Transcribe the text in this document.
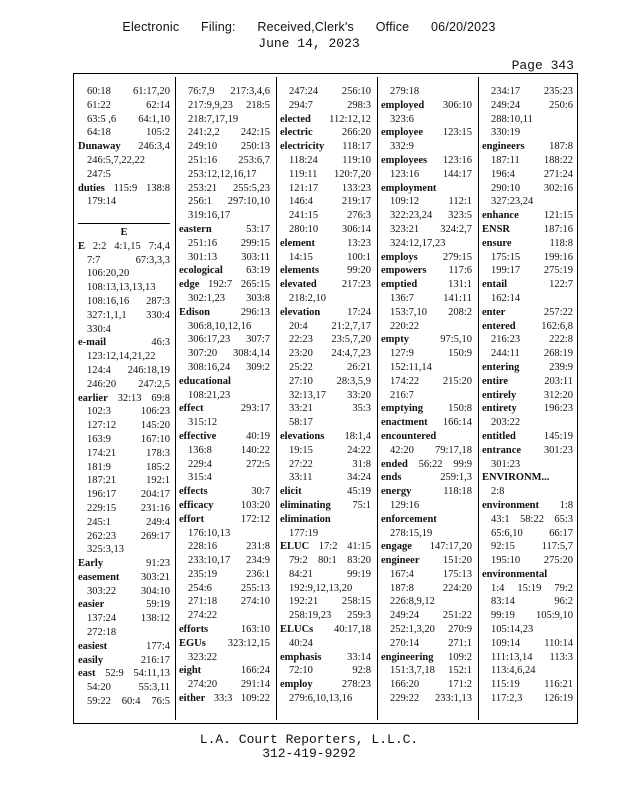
Electronic Filing: Received,Clerk's Office 06/20/2023
June 14, 2023
Page 343
60:18 61:17,20
61:22	62:14
63:5 ,6 64:1,10
64:18	105:2
Dunaway 246:3,4
246:5,7,22,22
247:5
duties 115:9 138:8
179:14
E
E 2:2 4:1,15 7:4,4
7:7	67:3,3,3
106:20,20
108:13,13,13,13
108:16,16 287:3
327:1,1,1 330:4
330:4
e-mail	46:3
123:12,14,21,22
124:4 246:18,19
246:20 247:2,5
earlier 32:13 69:8
102:3	106:23
127:12 145:20
163:9	167:10
174:21	178:3
181:9	185:2
187:21	192:1
196:17 204:17
229:15 231:16
245:1	249:4
262:23 269:17
325:3,13
Early	91:23
easement 303:21
303:22 304:10
easier	59:19
137:24 138:12
272:18
easiest	177:4
easily	216:17
east 52:9 54:11,13
54:20	55:3,11
59:22 60:4 76:5
76:7,9 217:3,4,6
217:9,9,23 218:5
218:7,17,19
241:2,2 242:15
249:10 250:13
251:16 253:6,7
253:12,12,16,17
253:21 255:5,23
256:1 297:10,10
319:16,17
eastern	53:17
251:16 299:15
301:13 303:11
ecological 63:19
edge 192:7 265:15
302:1,23 303:8
Edison	296:13
306:8,10,12,16
306:17,23 307:7
307:20 308:4,14
308:16,24 309:2
educational
108:21,23
effect	293:17
315:12
effective	40:19
136:8	140:22
229:4	272:5
315:4
effects	30:7
efficacy	103:20
effort	172:12
176:10,13
228:16	231:8
233:10,17 234:9
235:19	236:1
254:6	255:13
271:18 274:10
274:22
efforts	163:10
EGUs 323:12,15
323:22
eight	166:24
274:20 291:14
either 33:3 109:22
247:24 256:10
294:7	298:3
elected 112:12,12
electric	266:20
electricity 118:17
118:24 119:10
119:11 120:7,20
121:17 133:23
146:4	219:17
241:15	276:3
280:10 306:14
element	13:23
14:15	100:1
elements	99:20
elevated 217:23
218:2,10
elevation	17:24
20:4 21:2,7,17
22:23 23:5,7,20
23:20 24:4,7,23
25:22	26:21
27:10 28:3,5,9
32:13,17 33:20
33:21	35:3
58:17
elevations 18:1,4
19:15	24:22
27:22	31:8
33:11	34:24
elicit	45:19
eliminating 75:1
elimination
177:19
ELUC 17:2 41:15
79:2 80:1 83:20
84:21	99:19
192:9,12,13,20
192:21 258:15
258:19,23 259:3
ELUCs 40:17,18
40:24
emphasis 33:14
72:10	92:8
employ	278:23
279:6,10,13,16
279:18
employed 306:10
323:6
employee 123:15
332:9
employees 123:16
123:16 144:17
employment
109:12	112:1
322:23,24 323:5
323:21 324:2,7
324:12,17,23
employs 279:15
empowers 117:6
emptied	131:1
136:7	141:11
153:7,10 208:2
220:22
empty	97:5,10
127:9	150:9
152:11,14
174:22 215:20
216:7
emptying 150:8
enactment 166:14
encountered
42:20 79:17,18
ended 56:22 99:9
ends	259:1,3
energy	118:18
129:16
enforcement
278:15,19
engage 147:17,20
engineer 151:20
167:4	175:13
187:8	224:20
226:8,9,12
249:24 251:22
252:1,3,20 270:9
270:14	271:1
engineering 109:2
151:3,7,18 152:1
166:20	171:2
229:22 233:1,13
234:17 235:23
249:24	250:6
288:10,11
330:19
engineers 187:8
187:11 188:22
196:4	271:24
290:10 302:16
327:23,24
enhance 121:15
ENSR	187:16
ensure	118:8
175:15 199:16
199:17 275:19
entail	122:7
162:14
enter	257:22
entered 162:6,8
216:23	222:8
244:11 268:19
entering	239:9
entire	203:11
entirely	312:20
entirety	196:23
203:22
entitled	145:19
entrance 301:23
301:23
ENVIRONM...
2:8
environment 1:8
43:1 58:22 65:3
65:6,10	66:17
92:15	117:5,7
195:10 275:20
environmental
1:4 15:19 79:2
83:14	96:2
99:19 105:9,10
105:14,23
109:14 110:14
111:13,14 113:3
113:4,6,24
115:19 116:21
117:2,3 126:19
L.A. Court Reporters, L.L.C.
312-419-9292
